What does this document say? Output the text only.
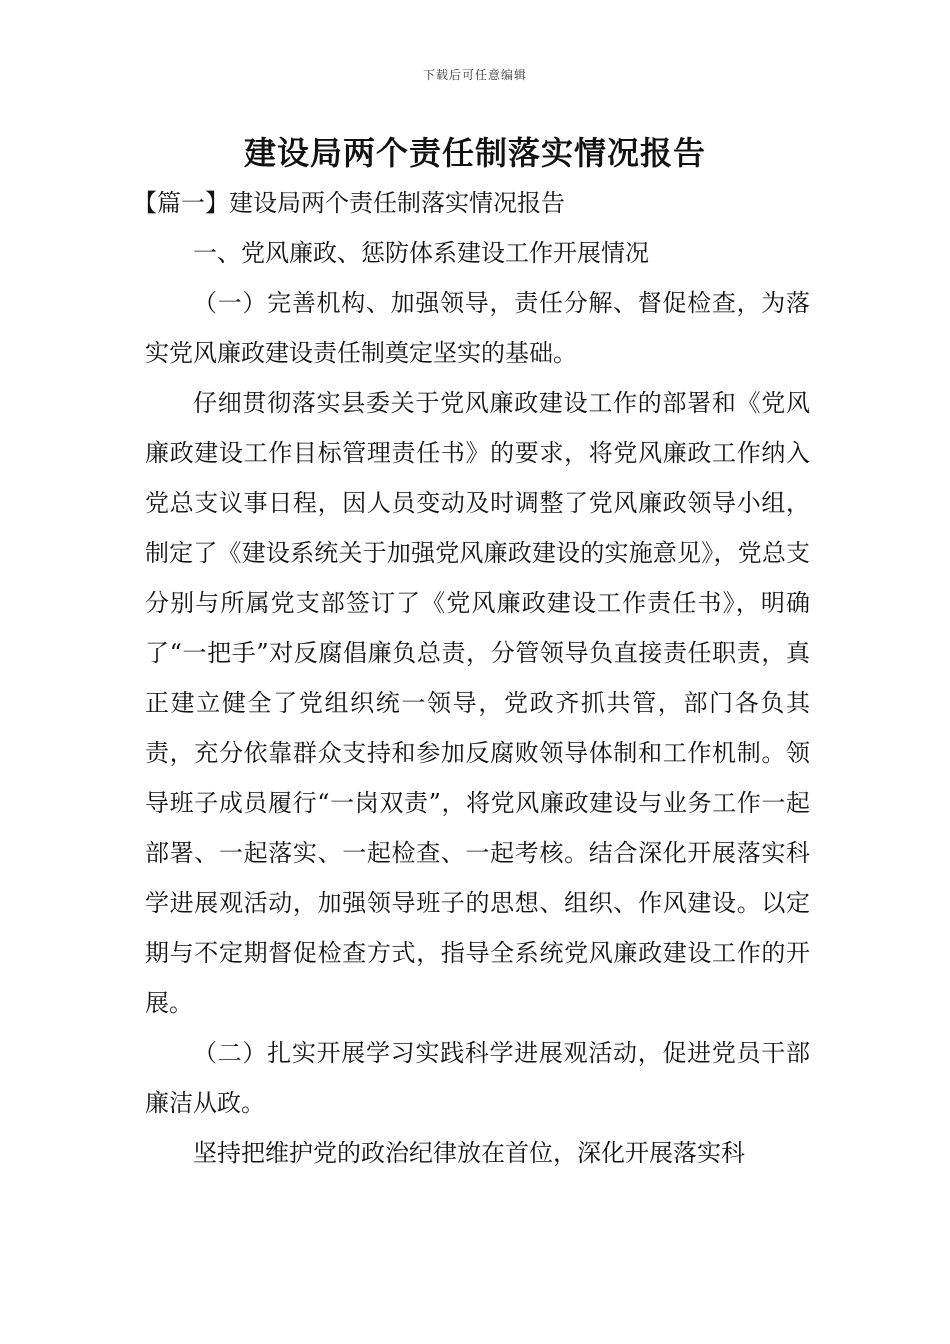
下载后可任意编辑
建设局两个责任制落实情况报告

【篇一】建设局两个责任制落实情况报告

一、党风廉政、惩防体系建设工作开展情况

（一）完善机构、加强领导，责任分解、督促检查，为落实党风廉政建设责任制奠定坚实的基础。

仔细贯彻落实县委关于党风廉政建设工作的部署和《党风廉政建设工作目标管理责任书》的要求，将党风廉政工作纳入党总支议事日程，因人员变动及时调整了党风廉政领导小组，制定了《建设系统关于加强党风廉政建设的实施意见》，党总支分别与所属党支部签订了《党风廉政建设工作责任书》，明确了“一把手”对反腐倡廉负总责，分管领导负直接责任职责，真正建立健全了党组织统一领导，党政齐抓共管，部门各负其责，充分依靠群众支持和参加反腐败领导体制和工作机制。领导班子成员履行“一岗双责”，将党风廉政建设与业务工作一起部署、一起落实、一起检查、一起考核。结合深化开展落实科学进展观活动，加强领导班子的思想、组织、作风建设。以定期与不定期督促检查方式，指导全系统党风廉政建设工作的开展。

（二）扎实开展学习实践科学进展观活动，促进党员干部廉洁从政。

坚持把维护党的政治纪律放在首位，深化开展落实科
